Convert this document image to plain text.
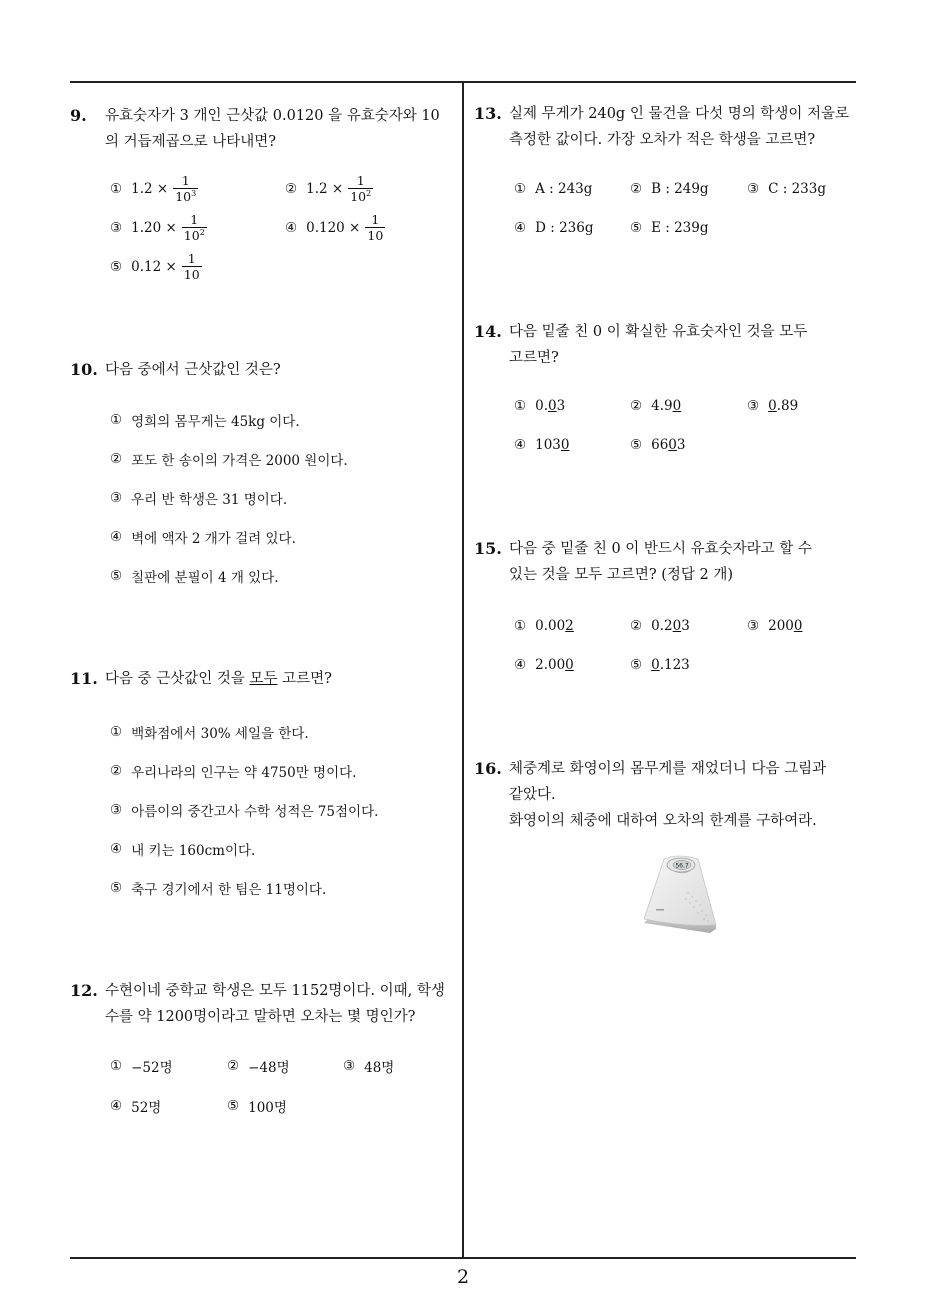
2
9. 유효숫자가 3 개인 근삿값 0.0120 을 유효숫자와 10
의 거듭제곱으로 나타내면?
① $1.2 \times \frac{1}{10^3}$	② $1.2 \times \frac{1}{10^2}$
③ $1.20 \times \frac{1}{10^2}$	④ $0.120 \times \frac{1}{10}$
⑤ $0.12 \times \frac{1}{10}$
10. 다음 중에서 근삿값인 것은?
① 영희의 몸무게는 45kg 이다.
② 포도 한 송이의 가격은 2000 원이다.
③ 우리 반 학생은 31 명이다.
④ 벽에 액자 2 개가 걸려 있다.
⑤ 칠판에 분필이 4 개 있다.
11. 다음 중 근삿값인 것을 모두 고르면?
① 백화점에서 30% 세일을 한다.
② 우리나라의 인구는 약 4750만 명이다.
③ 아름이의 중간고사 수학 성적은 75점이다.
④ 내 키는 160cm이다.
⑤ 축구 경기에서 한 팀은 11명이다.
12. 수현이네 중학교 학생은 모두 1152명이다. 이때, 학생
수를 약 1200명이라고 말하면 오차는 몇 명인가?
① −52명	② −48명	③ 48명
④ 52명	⑤ 100명
13. 실제 무게가 240g 인 물건을 다섯 명의 학생이 저울로
측정한 값이다. 가장 오차가 적은 학생을 고르면?
① A : 243g	② B : 249g	③ C : 233g
④ D : 236g	⑤ E : 239g
14. 다음 밑줄 친 0 이 확실한 유효숫자인 것을 모두
고르면?
① 0. 0 3	② 4.9 0	③ 0 .89
④ 103 0	⑤ 66 0 3
15. 다음 중 밑줄 친 0 이 반드시 유효숫자라고 할 수
있는 것을 모두 고르면? (정답 2 개)
① 0.00 2	② 0.2 0 3	③ 200 0
④ 2.00 0	⑤ 0 .123
16. 체중계로 화영이의 몸무게를 재었더니 다음 그림과
같았다.
화영이의 체중에 대하여 오차의 한계를 구하여라.
56.7
